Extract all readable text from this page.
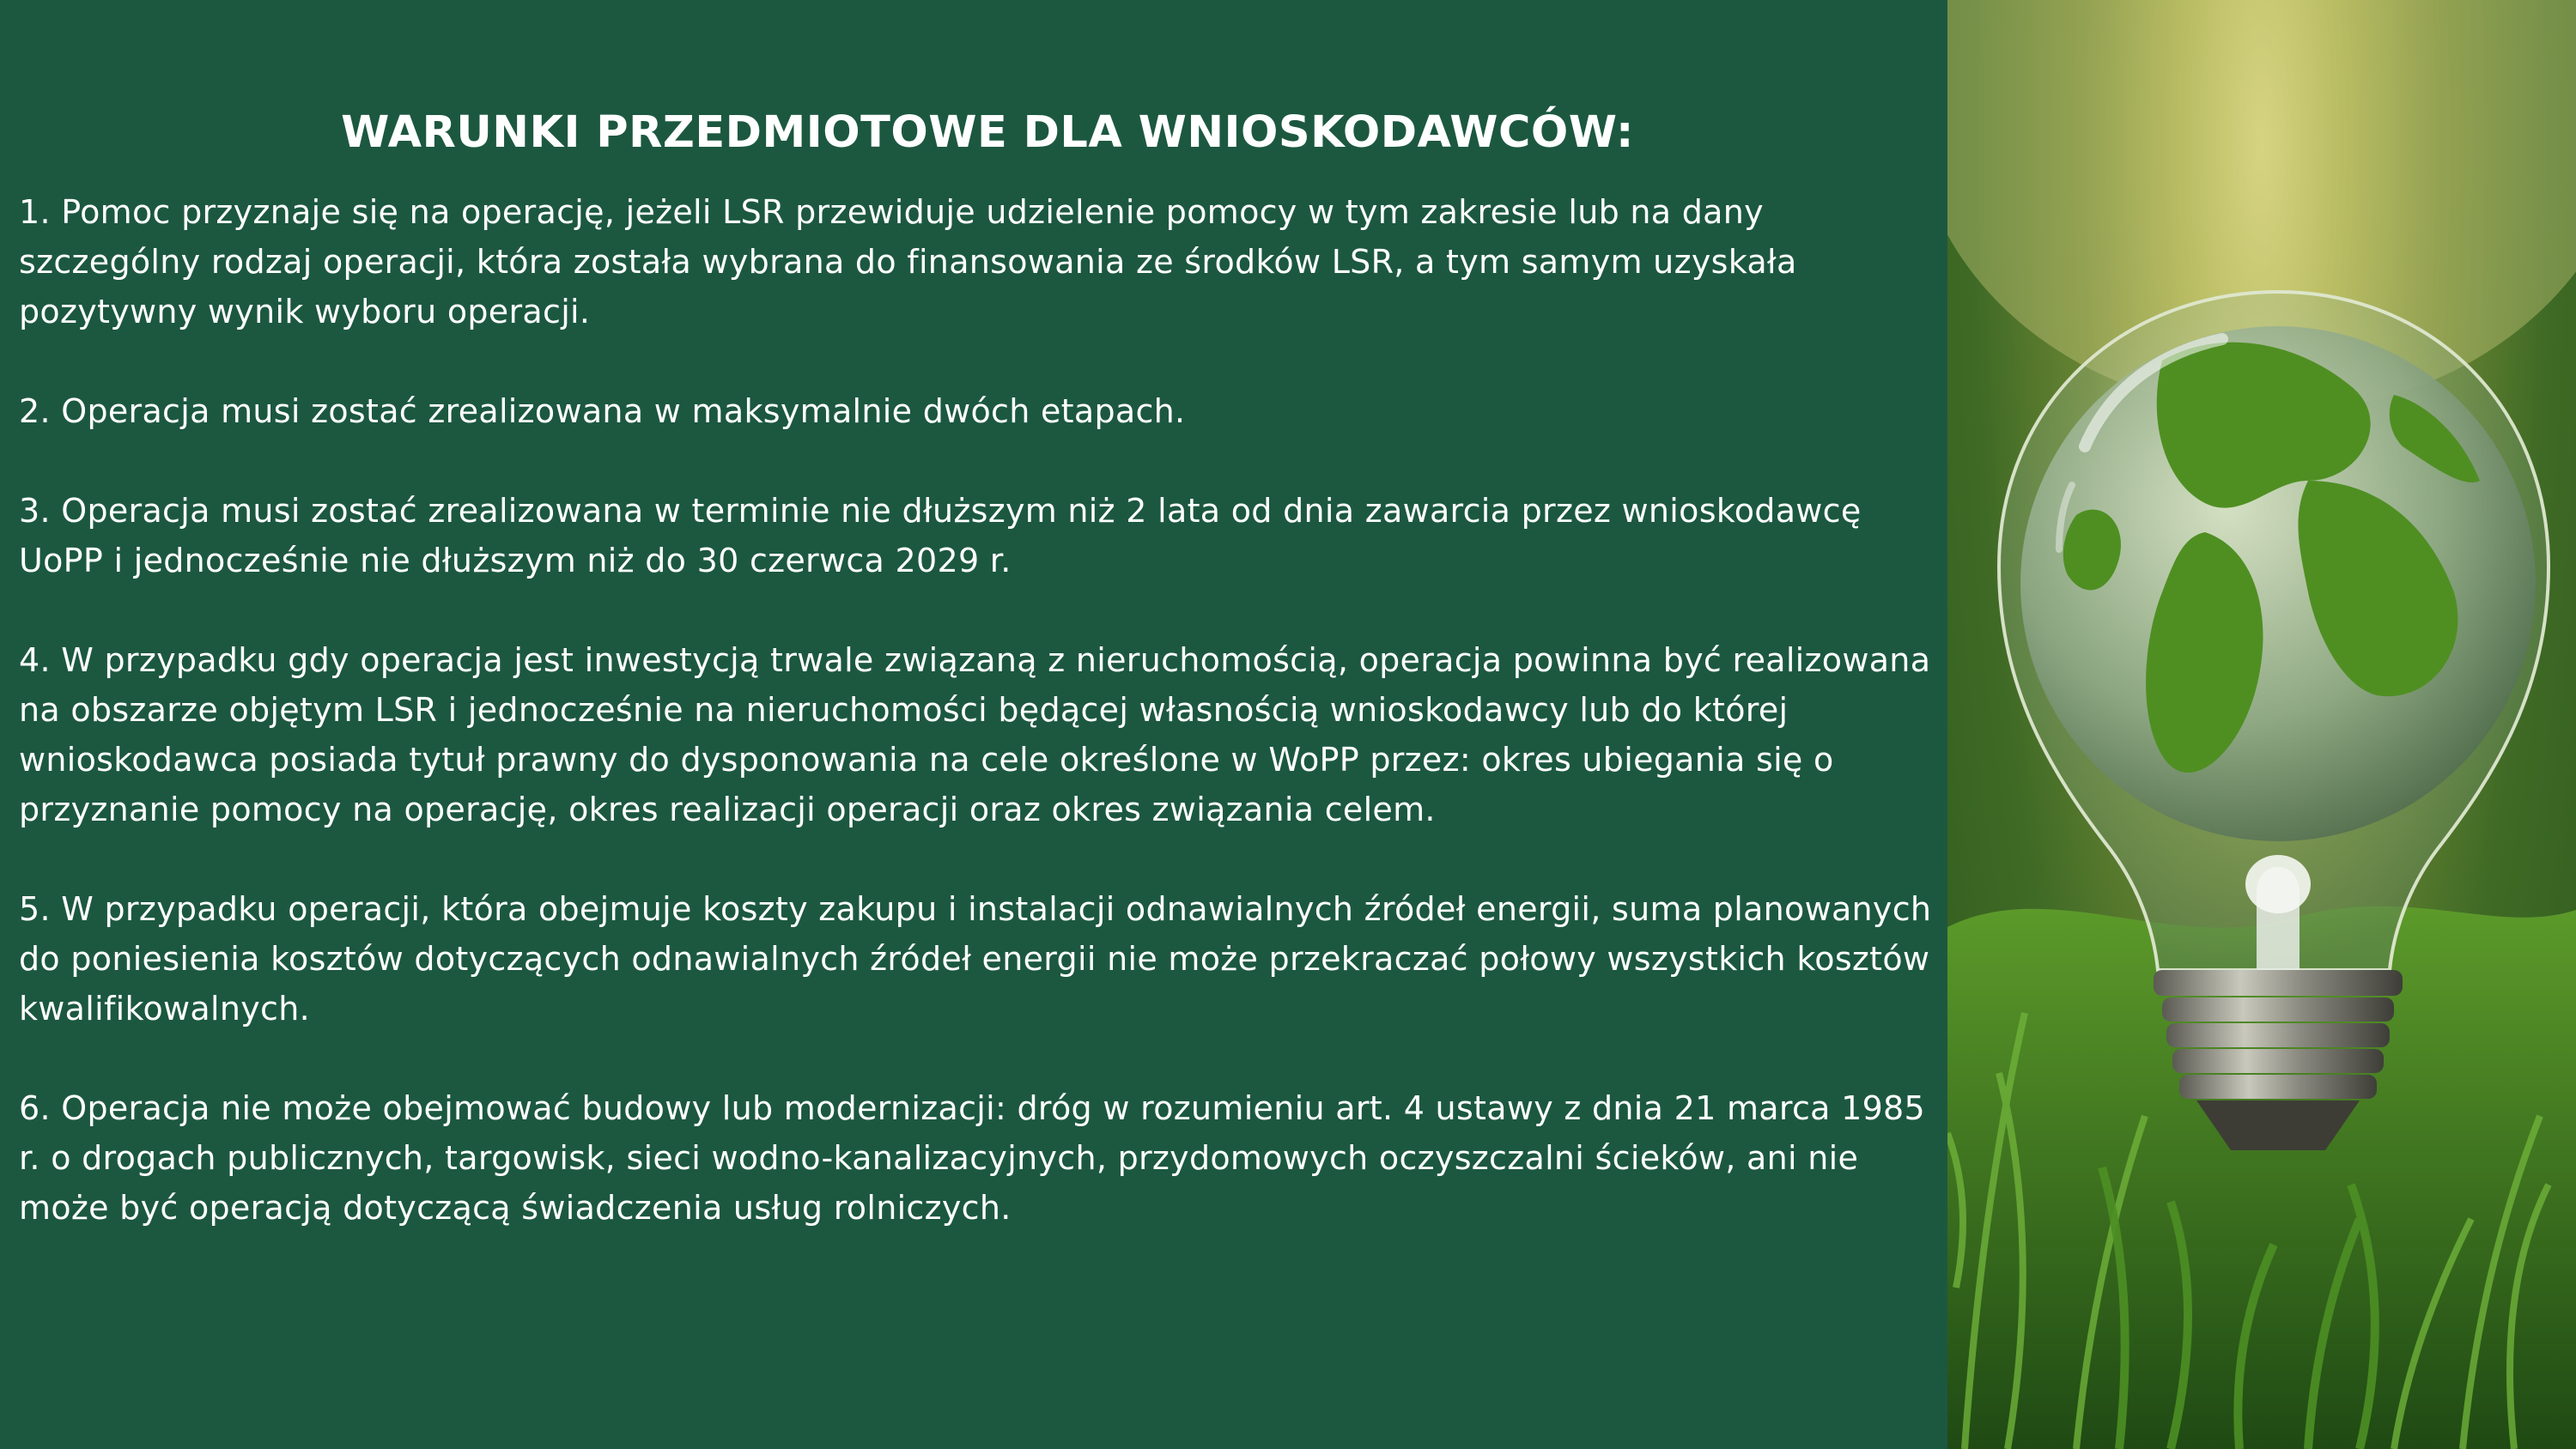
WARUNKI PRZEDMIOTOWE DLA WNIOSKODAWCÓW:
1. Pomoc przyznaje się na operację, jeżeli LSR przewiduje udzielenie pomocy w tym zakresie lub na dany szczególny rodzaj operacji, która została wybrana do finansowania ze środków LSR, a tym samym uzyskała pozytywny wynik wyboru operacji.
2. Operacja musi zostać zrealizowana w maksymalnie dwóch etapach.
3. Operacja musi zostać zrealizowana w terminie nie dłuższym niż 2 lata od dnia zawarcia przez wnioskodawcę UoPP i jednocześnie nie dłuższym niż do 30 czerwca 2029 r.
4. W przypadku gdy operacja jest inwestycją trwale związaną z nieruchomością, operacja powinna być realizowana na obszarze objętym LSR i jednocześnie na nieruchomości będącej własnością wnioskodawcy lub do której wnioskodawca posiada tytuł prawny do dysponowania na cele określone w WoPP przez: okres ubiegania się o przyznanie pomocy na operację, okres realizacji operacji oraz okres związania celem.
5. W przypadku operacji, która obejmuje koszty zakupu i instalacji odnawialnych źródeł energii, suma planowanych do poniesienia kosztów dotyczących odnawialnych źródeł energii nie może przekraczać połowy wszystkich kosztów kwalifikowalnych.
6. Operacja nie może obejmować budowy lub modernizacji: dróg w rozumieniu art. 4 ustawy z dnia 21 marca 1985 r. o drogach publicznych, targowisk, sieci wodno-kanalizacyjnych, przydomowych oczyszczalni ścieków, ani nie może być operacją dotyczącą świadczenia usług rolniczych.
